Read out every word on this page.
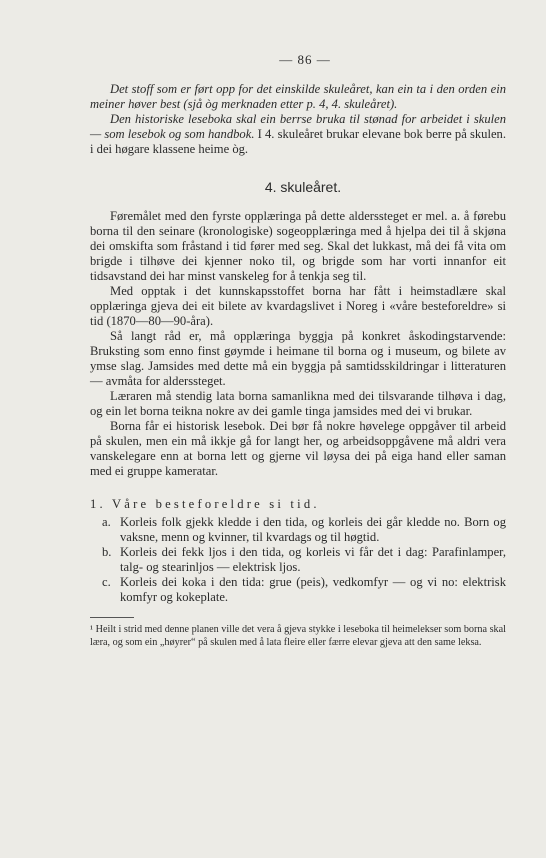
— 86 —

Det stoff som er ført opp for det einskilde skuleåret, kan ein ta i den orden ein meiner høver best (sjå òg merknaden etter p. 4, 4. skuleåret).

Den historiske leseboka skal ein berrse bruka til stønad for arbeidet i skulen — som lesebok og som handbok. I 4. skuleåret brukar elevane bok berre på skulen. i dei høgare klassene heime òg.

4. skuleåret.

Føremålet med den fyrste opplæringa på dette alderssteget er mel. a. å førebu borna til den seinare (kronologiske) sogeopplæringa med å hjelpa dei til å skjøna dei omskifta som fråstand i tid fører med seg. Skal det lukkast, må dei få vita om brigde i tilhøve dei kjenner noko til, og brigde som har vorti innanfor eit tidsavstand dei har minst vanskeleg for å tenkja seg til.

Med opptak i det kunnskapsstoffet borna har fått i heimstadlære skal opplæringa gjeva dei eit bilete av kvardagslivet i Noreg i «våre besteforeldre» si tid (1870—80—90-åra).

Så langt råd er, må opplæringa byggja på konkret åskodingstarvende: Bruksting som enno finst gøymde i heimane til borna og i museum, og bilete av ymse slag. Jamsides med dette må ein byggja på samtidsskildringar i litteraturen — avmåta for alderssteget.

Læraren må stendig lata borna samanlikna med dei tilsvarande tilhøva i dag, og ein let borna teikna nokre av dei gamle tinga jamsides med dei vi brukar.

Borna får ei historisk lesebok. Dei bør få nokre høvelege oppgåver til arbeid på skulen, men ein må ikkje gå for langt her, og arbeidsoppgåvene må aldri vera vanskelegare enn at borna lett og gjerne vil løysa dei på eiga hand eller saman med ei gruppe kameratar.

1. Våre besteforeldre si tid.

a. Korleis folk gjekk kledde i den tida, og korleis dei går kledde no. Born og vaksne, menn og kvinner, til kvardags og til høgtid.
b. Korleis dei fekk ljos i den tida, og korleis vi får det i dag: Parafinlamper, talg- og stearinljos — elektrisk ljos.
c. Korleis dei koka i den tida: grue (peis), vedkomfyr — og vi no: elektrisk komfyr og kokeplate.

¹ Heilt i strid med denne planen ville det vera å gjeva stykke i leseboka til heimelekser som borna skal læra, og som ein „høyrer“ på skulen med å lata fleire eller færre elevar gjeva att den same leksa.
